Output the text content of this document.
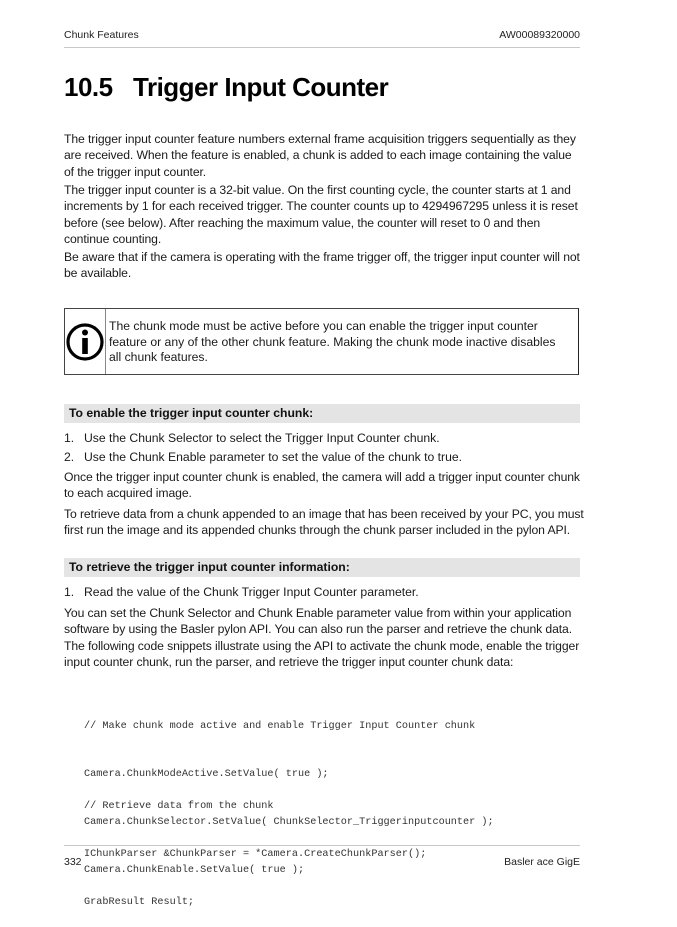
Chunk Features	AW00089320000
10.5 Trigger Input Counter

The trigger input counter feature numbers external frame acquisition triggers sequentially as they are received. When the feature is enabled, a chunk is added to each image containing the value of the trigger input counter.

The trigger input counter is a 32-bit value. On the first counting cycle, the counter starts at 1 and increments by 1 for each received trigger. The counter counts up to 4294967295 unless it is reset before (see below). After reaching the maximum value, the counter will reset to 0 and then continue counting.

Be aware that if the camera is operating with the frame trigger off, the trigger input counter will not be available.

The chunk mode must be active before you can enable the trigger input counter feature or any of the other chunk feature. Making the chunk mode inactive disables all chunk features.
To enable the trigger input counter chunk:
1. Use the Chunk Selector to select the Trigger Input Counter chunk.
2. Use the Chunk Enable parameter to set the value of the chunk to true.

Once the trigger input counter chunk is enabled, the camera will add a trigger input counter chunk to each acquired image.

To retrieve data from a chunk appended to an image that has been received by your PC, you must first run the image and its appended chunks through the chunk parser included in the pylon API.

To retrieve the trigger input counter information:
1. Read the value of the Chunk Trigger Input Counter parameter.

You can set the Chunk Selector and Chunk Enable parameter value from within your application software by using the Basler pylon API. You can also run the parser and retrieve the chunk data. The following code snippets illustrate using the API to activate the chunk mode, enable the trigger input counter chunk, run the parser, and retrieve the trigger input counter chunk data:

// Make chunk mode active and enable Trigger Input Counter chunk

Camera.ChunkModeActive.SetValue( true );

Camera.ChunkSelector.SetValue( ChunkSelector_Triggerinputcounter );

Camera.ChunkEnable.SetValue( true );

// Retrieve data from the chunk

IChunkParser &ChunkParser = *Camera.CreateChunkParser();

GrabResult Result;

332	Basler ace GigE
